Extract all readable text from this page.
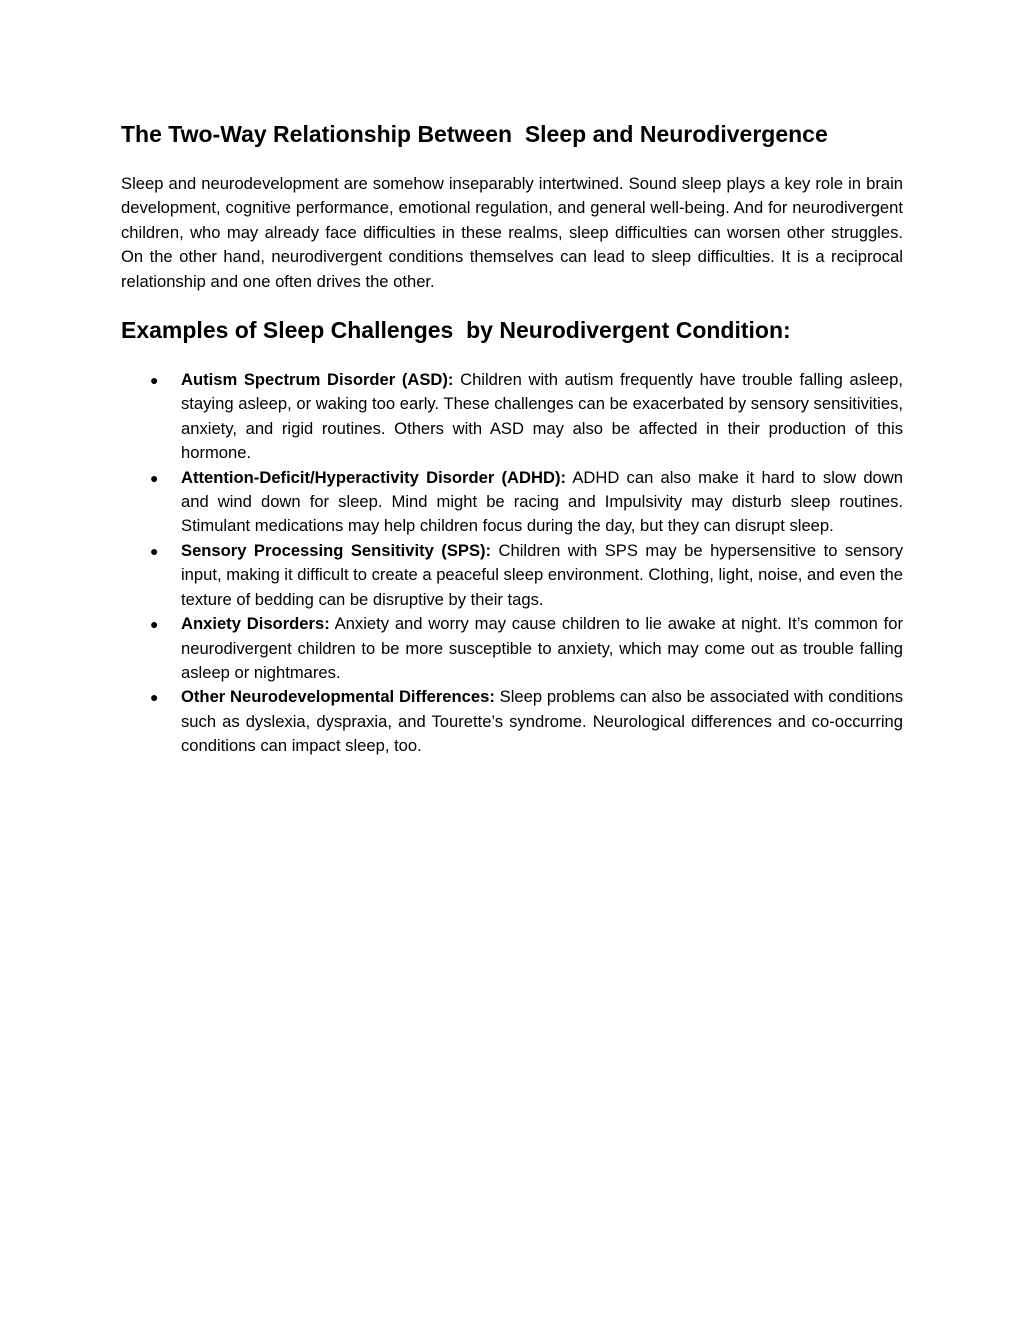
The Two-Way Relationship Between  Sleep and Neurodivergence

Sleep and neurodevelopment are somehow inseparably intertwined. Sound sleep plays a key role in brain development, cognitive performance, emotional regulation, and general well-being. And for neurodivergent children, who may already face difficulties in these realms, sleep difficulties can worsen other struggles. On the other hand, neurodivergent conditions themselves can lead to sleep difficulties. It is a reciprocal relationship and one often drives the other.

Examples of Sleep Challenges  by Neurodivergent Condition:
● Autism Spectrum Disorder (ASD): Children with autism frequently have trouble falling asleep, staying asleep, or waking too early. These challenges can be exacerbated by sensory sensitivities, anxiety, and rigid routines. Others with ASD may also be affected in their production of this hormone.
● Attention-Deficit/Hyperactivity Disorder (ADHD): ADHD can also make it hard to slow down and wind down for sleep. Mind might be racing and Impulsivity may disturb sleep routines. Stimulant medications may help children focus during the day, but they can disrupt sleep.
● Sensory Processing Sensitivity (SPS): Children with SPS may be hypersensitive to sensory input, making it difficult to create a peaceful sleep environment. Clothing, light, noise, and even the texture of bedding can be disruptive by their tags.
● Anxiety Disorders: Anxiety and worry may cause children to lie awake at night. It’s common for neurodivergent children to be more susceptible to anxiety, which may come out as trouble falling asleep or nightmares.
● Other Neurodevelopmental Differences: Sleep problems can also be associated with conditions such as dyslexia, dyspraxia, and Tourette’s syndrome. Neurological differences and co-occurring conditions can impact sleep, too.
